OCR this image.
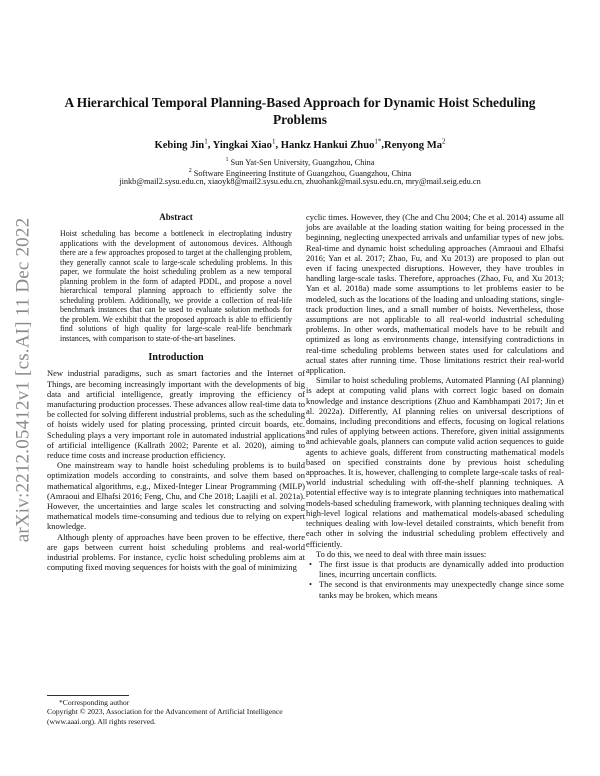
arXiv:2212.05412v1 [cs.AI] 11 Dec 2022
A Hierarchical Temporal Planning-Based Approach for Dynamic Hoist Scheduling Problems
Kebing Jin$^1$, Yingkai Xiao$^1$, Hankz Hankui Zhuo$^{1*}$,Renyong Ma$^2$
$^1$ Sun Yat-Sen University, Guangzhou, China
$^2$ Software Engineering Institute of Guangzhou, Guangzhou, China
jinkb@mail2.sysu.edu.cn, xiaoyk8@mail2.sysu.edu.cn, zhuohank@mail.sysu.edu.cn, mry@mail.seig.edu.cn
Abstract

Hoist scheduling has become a bottleneck in electroplating industry applications with the development of autonomous devices. Although there are a few approaches proposed to target at the challenging problem, they generally cannot scale to large-scale scheduling problems. In this paper, we formulate the hoist scheduling problem as a new temporal planning problem in the form of adapted PDDL, and propose a novel hierarchical temporal planning approach to efficiently solve the scheduling problem. Additionally, we provide a collection of real-life benchmark instances that can be used to evaluate solution methods for the problem. We exhibit that the proposed approach is able to efficiently find solutions of high quality for large-scale real-life benchmark instances, with comparison to state-of-the-art baselines.

Introduction

New industrial paradigms, such as smart factories and the Internet of Things, are becoming increasingly important with the developments of big data and artificial intelligence, greatly improving the efficiency of manufacturing production processes. These advances allow real-time data to be collected for solving different industrial problems, such as the scheduling of hoists widely used for plating processing, printed circuit boards, etc. Scheduling plays a very important role in automated industrial applications of artificial intelligence (Kallrath 2002; Parente et al. 2020), aiming to reduce time costs and increase production efficiency.

One mainstream way to handle hoist scheduling problems is to build optimization models according to constraints, and solve them based on mathematical algorithms, e.g., Mixed-Integer Linear Programming (MILP) (Amraoui and Elhafsi 2016; Feng, Chu, and Che 2018; Laajili et al. 2021a). However, the uncertainties and large scales let constructing and solving mathematical models time-consuming and tedious due to relying on expert knowledge.

Although plenty of approaches have been proven to be effective, there are gaps between current hoist scheduling problems and real-world industrial problems. For instance, cyclic hoist scheduling problems aim at computing fixed moving sequences for hoists with the goal of minimizing

cyclic times. However, they (Che and Chu 2004; Che et al. 2014) assume all jobs are available at the loading station waiting for being processed in the beginning, neglecting unexpected arrivals and unfamiliar types of new jobs. Real-time and dynamic hoist scheduling approaches (Amraoui and Elhafsi 2016; Yan et al. 2017; Zhao, Fu, and Xu 2013) are proposed to plan out even if facing unexpected disruptions. However, they have troubles in handling large-scale tasks. Therefore, approaches (Zhao, Fu, and Xu 2013; Yan et al. 2018a) made some assumptions to let problems easier to be modeled, such as the locations of the loading and unloading stations, single-track production lines, and a small number of hoists. Nevertheless, those assumptions are not applicable to all real-world industrial scheduling problems. In other words, mathematical models have to be rebuilt and optimized as long as environments change, intensifying contradictions in real-time scheduling problems between states used for calculations and actual states after running time. Those limitations restrict their real-world application.

Similar to hoist scheduling problems, Automated Planning (AI planning) is adept at computing valid plans with correct logic based on domain knowledge and instance descriptions (Zhuo and Kambhampati 2017; Jin et al. 2022a). Differently, AI planning relies on universal descriptions of domains, including preconditions and effects, focusing on logical relations and rules of applying between actions. Therefore, given initial assignments and achievable goals, planners can compute valid action sequences to guide agents to achieve goals, different from constructing mathematical models based on specified constraints done by previous hoist scheduling approaches. It is, however, challenging to complete large-scale tasks of real-world industrial scheduling with off-the-shelf planning techniques. A potential effective way is to integrate planning techniques into mathematical models-based scheduling framework, with planning techniques dealing with high-level logical relations and mathematical models-abased scheduling techniques dealing with low-level detailed constraints, which benefit from each other in solving the industrial scheduling problem effectively and efficiently.

To do this, we need to deal with three main issues:

• The first issue is that products are dynamically added into production lines, incurring uncertain conflicts.
• The second is that environments may unexpectedly change since some tanks may be broken, which means
*Corresponding author
Copyright © 2023, Association for the Advancement of Artificial Intelligence (www.aaai.org). All rights reserved.
